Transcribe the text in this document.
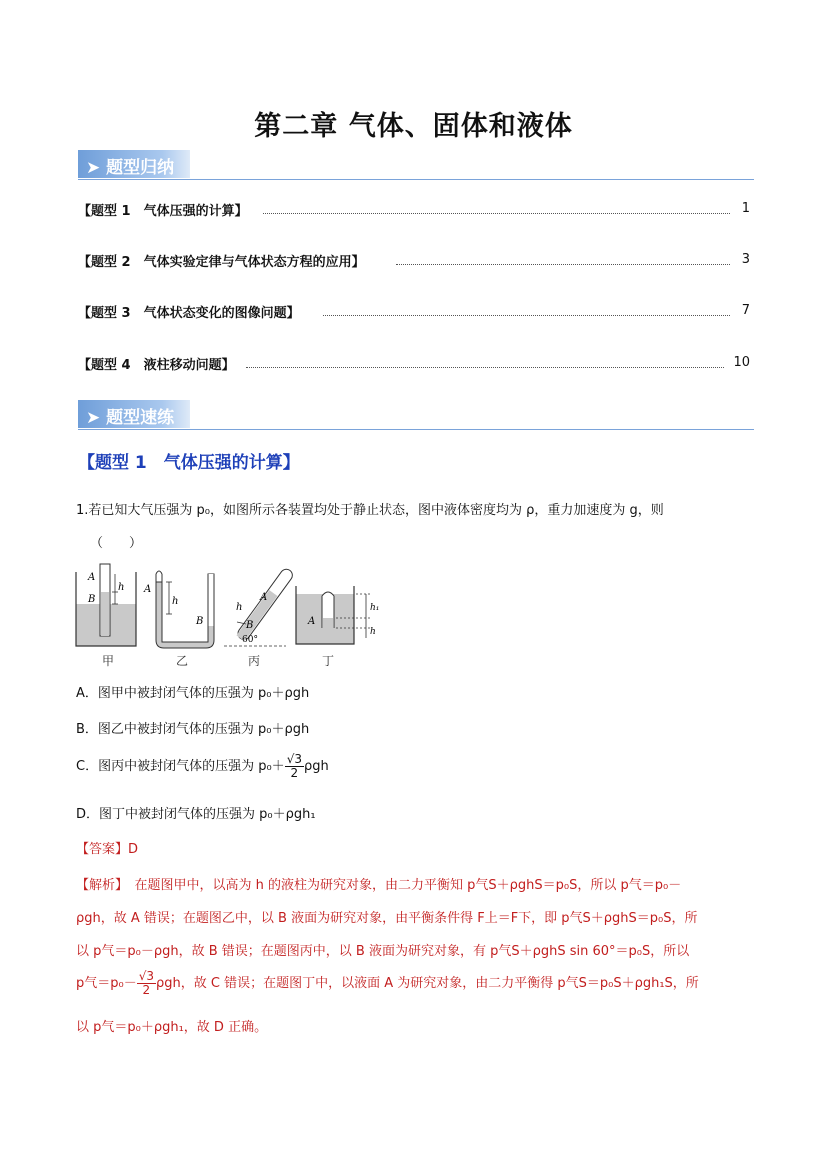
第二章 气体、固体和液体
➤ 题型归纳
【题型 1　气体压强的计算】	1
【题型 2　气体实验定律与气体状态方程的应用】	3
【题型 3　气体状态变化的图像问题】	7
【题型 4　液柱移动问题】	10
➤ 题型速练
【题型 1　气体压强的计算】
1.若已知大气压强为 p₀，如图所示各装置均处于静止状态，图中液体密度均为 ρ，重力加速度为 g，则
（　　）
A
B
h A
h
B
h
A
B
60°
h₁
h
A
甲	乙	丙	丁
A．图甲中被封闭气体的压强为 p₀＋ρgh
B．图乙中被封闭气体的压强为 p₀＋ρgh
C．图丙中被封闭气体的压强为 $p_0+ \frac{√3}{2}$ ρgh
D．图丁中被封闭气体的压强为 p₀＋ρgh₁
【答案】D
【解析】　在题图甲中，以高为 h 的液柱为研究对象，由二力平衡知 p气S＋ρghS＝p₀S，所以 p气＝p₀－
ρgh，故 A 错误；在题图乙中，以 B 液面为研究对象，由平衡条件得 F上＝F下，即 p气S＋ρghS＝p₀S，所
以 p气＝p₀－ρgh，故 B 错误；在题图丙中，以 B 液面为研究对象，有 p气S＋ρghS sin 60°＝p₀S，所以
p气$=p_0- \frac{√3}{2}$ ρgh，故 C 错误；在题图丁中，以液面 A 为研究对象，由二力平衡得 p气S＝p₀S＋ρgh₁S，所
以 p气＝p₀＋ρgh₁，故 D 正确。
